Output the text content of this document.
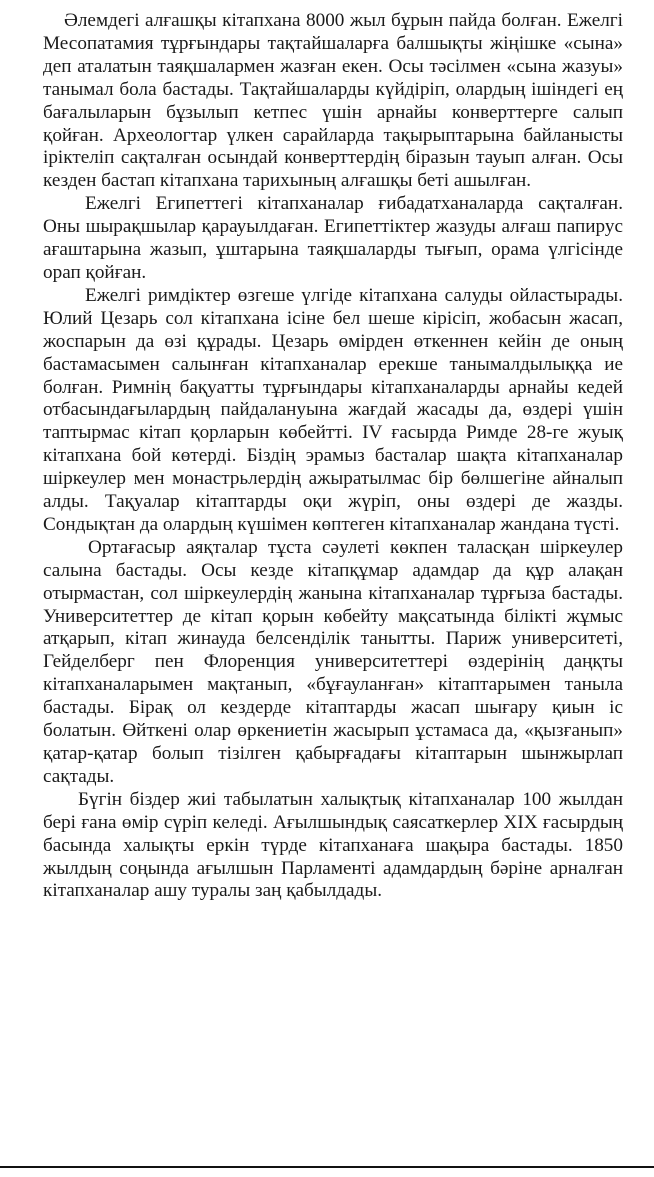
Әлемдегі алғашқы кітапхана 8000 жыл бұрын пайда болған. Ежелгі Месопатамия тұрғындары тақтайшаларға балшықты жіңішке «сына» деп аталатын таяқшалармен жазған екен. Осы тәсілмен «сына жазуы» танымал бола бастады. Тақтайшаларды күйдіріп, олардың ішіндегі ең бағалыларын бұзылып кетпес үшін арнайы конверттерге салып қойған. Археологтар үлкен сарайларда тақырыптарына байланысты іріктеліп сақталған осындай конверттердің біразын тауып алған. Осы кезден бастап кітапхана тарихының алғашқы беті ашылған.

Ежелгі Египеттегі кітапханалар ғибадатханаларда сақталған. Оны шырақшылар қарауылдаған. Египеттіктер жазуды алғаш папирус ағаштарына жазып, ұштарына таяқшаларды тығып, орама үлгісінде орап қойған.

Ежелгі римдіктер өзгеше үлгіде кітапхана салуды ойластырады. Юлий Цезарь сол кітапхана ісіне бел шеше кірісіп, жобасын жасап, жоспарын да өзі құрады. Цезарь өмірден өткеннен кейін де оның бастамасымен салынған кітапханалар ерекше танымалдылыққа ие болған. Римнің бақуатты тұрғындары кітапханаларды арнайы кедей отбасындағылардың пайдалануына жағдай жасады да, өздері үшін таптырмас кітап қорларын көбейтті. IV ғасырда Римде 28-ге жуық кітапхана бой көтерді. Біздің эрамыз басталар шақта кітапханалар шіркеулер мен монастрьлердің ажыратылмас бір бөлшегіне айналып алды. Тақуалар кітаптарды оқи жүріп, оны өздері де жазды. Сондықтан да олардың күшімен көптеген кітапханалар жандана түсті.

Ортағасыр аяқталар тұста сәулеті көкпен таласқан шіркеулер салына бастады. Осы кезде кітапқұмар адамдар да құр алақан отырмастан, сол шіркеулердің жанына кітапханалар тұрғыза бастады. Университеттер де кітап қорын көбейту мақсатында білікті жұмыс атқарып, кітап жинауда белсенділік танытты. Париж университеті, Гейделберг пен Флоренция университеттері өздерінің даңқты кітапханаларымен мақтанып, «бұғауланған» кітаптарымен таныла бастады. Бірақ ол кездерде кітаптарды жасап шығару қиын іс болатын. Өйткені олар өркениетін жасырып ұстамаса да, «қызғанып» қатар-қатар болып тізілген қабырғадағы кітаптарын шынжырлап сақтады.

Бүгін біздер жиі табылатын халықтық кітапханалар 100 жылдан бері ғана өмір сүріп келеді. Ағылшындық саясаткерлер XIX ғасырдың басында халықты еркін түрде кітапханаға шақыра бастады. 1850 жылдың соңында ағылшын Парламенті адамдардың бәріне арналған кітапханалар ашу туралы заң қабылдады.
